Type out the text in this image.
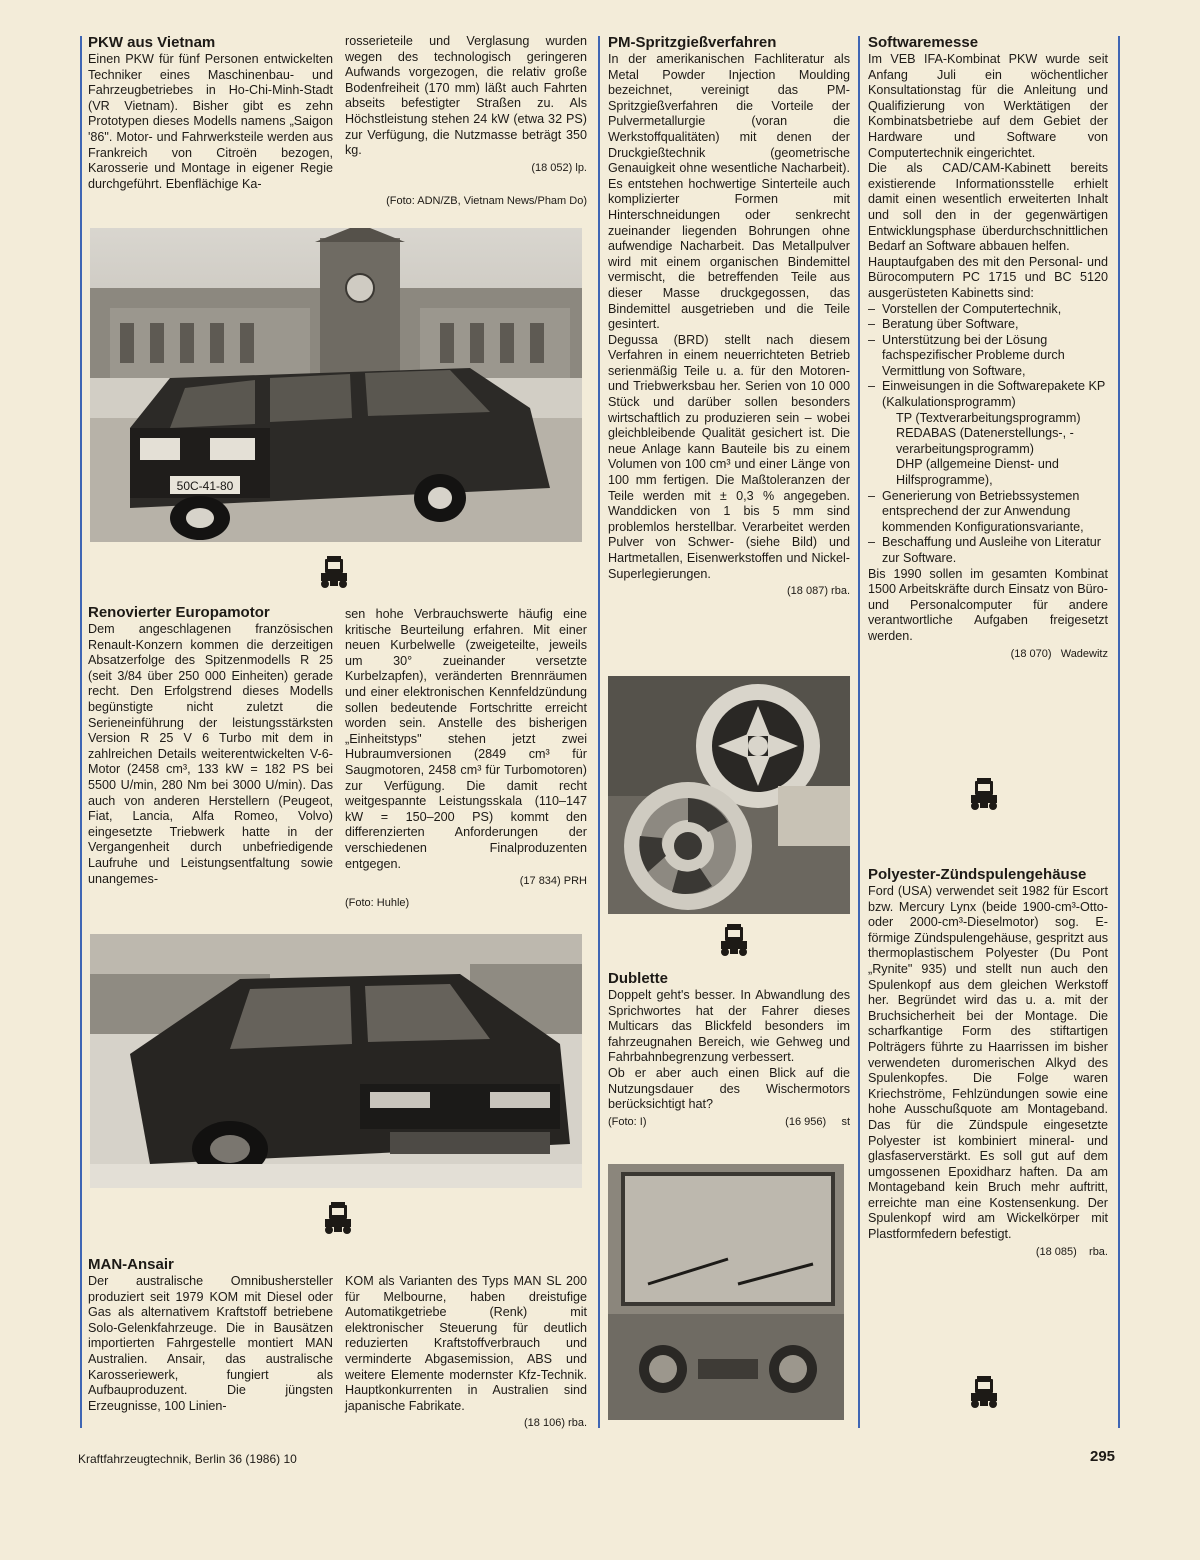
PKW aus Vietnam

Einen PKW für fünf Personen entwickelten Techniker eines Maschinenbau- und Fahrzeugbetriebes in Ho-Chi-Minh-Stadt (VR Vietnam). Bisher gibt es zehn Prototypen dieses Modells namens „Saigon '86". Motor- und Fahrwerksteile werden aus Frankreich von Citroën bezogen, Karosserie und Montage in eigener Regie durchgeführt. Ebenflächige Ka-

rosserieteile und Verglasung wurden wegen des technologisch geringeren Aufwands vorgezogen, die relativ große Bodenfreiheit (170 mm) läßt auch Fahrten abseits befestigter Straßen zu. Als Höchstleistung stehen 24 kW (etwa 32 PS) zur Verfügung, die Nutzmasse beträgt 350 kg.

(18 052) lp.

(Foto: ADN/ZB, Vietnam News/Pham Do)

50C-41-80
Renovierter Europamotor

Dem angeschlagenen französischen Renault-Konzern kommen die derzeitigen Absatzerfolge des Spitzenmodells R 25 (seit 3/84 über 250 000 Einheiten) gerade recht. Den Erfolgstrend dieses Modells begünstigte nicht zuletzt die Serieneinführung der leistungsstärksten Version R 25 V 6 Turbo mit dem in zahlreichen Details weiterentwickelten V-6-Motor (2458 cm³, 133 kW = 182 PS bei 5500 U/min, 280 Nm bei 3000 U/min). Das auch von anderen Herstellern (Peugeot, Fiat, Lancia, Alfa Romeo, Volvo) eingesetzte Triebwerk hatte in der Vergangenheit durch unbefriedigende Laufruhe und Leistungsentfaltung sowie unangemes-

sen hohe Verbrauchswerte häufig eine kritische Beurteilung erfahren. Mit einer neuen Kurbelwelle (zweigeteilte, jeweils um 30° zueinander versetzte Kurbelzapfen), veränderten Brennräumen und einer elektronischen Kennfeldzündung sollen bedeutende Fortschritte erreicht worden sein. Anstelle des bisherigen „Einheitstyps" stehen jetzt zwei Hubraumversionen (2849 cm³ für Saugmotoren, 2458 cm³ für Turbomotoren) zur Verfügung. Die damit recht weitgespannte Leistungsskala (110–147 kW = 150–200 PS) kommt den differenzierten Anforderungen der verschiedenen Finalproduzenten entgegen.

(17 834) PRH

(Foto: Huhle)

MAN-Ansair

Der australische Omnibushersteller produziert seit 1979 KOM mit Diesel oder Gas als alternativem Kraftstoff betriebene Solo-Gelenkfahrzeuge. Die in Bausätzen importierten Fahrgestelle montiert MAN Australien. Ansair, das australische Karosseriewerk, fungiert als Aufbauproduzent. Die jüngsten Erzeugnisse, 100 Linien-

KOM als Varianten des Typs MAN SL 200 für Melbourne, haben dreistufige Automatikgetriebe (Renk) mit elektronischer Steuerung für deutlich reduzierten Kraftstoffverbrauch und verminderte Abgasemission, ABS und weitere Elemente modernster Kfz-Technik. Hauptkonkurrenten in Australien sind japanische Fabrikate.

(18 106) rba.

PM-Spritzgießverfahren

In der amerikanischen Fachliteratur als Metal Powder Injection Moulding bezeichnet, vereinigt das PM-Spritzgießverfahren die Vorteile der Pulvermetallurgie (voran die Werkstoffqualitäten) mit denen der Druckgießtechnik (geometrische Genauigkeit ohne wesentliche Nacharbeit). Es entstehen hochwertige Sinterteile auch komplizierter Formen mit Hinterschneidungen oder senkrecht zueinander liegenden Bohrungen ohne aufwendige Nacharbeit. Das Metallpulver wird mit einem organischen Bindemittel vermischt, die betreffenden Teile aus dieser Masse druckgegossen, das Bindemittel ausgetrieben und die Teile gesintert.

Degussa (BRD) stellt nach diesem Verfahren in einem neuerrichteten Betrieb serienmäßig Teile u. a. für den Motoren- und Triebwerksbau her. Serien von 10 000 Stück und darüber sollen besonders wirtschaftlich zu produzieren sein – wobei gleichbleibende Qualität gesichert ist. Die neue Anlage kann Bauteile bis zu einem Volumen von 100 cm³ und einer Länge von 100 mm fertigen. Die Maßtoleranzen der Teile werden mit ± 0,3 % angegeben. Wanddicken von 1 bis 5 mm sind problemlos herstellbar. Verarbeitet werden Pulver von Schwer- (siehe Bild) und Hartmetallen, Eisenwerkstoffen und Nickel-Superlegierungen.

(18 087) rba.

Dublette

Doppelt geht's besser. In Abwandlung des Sprichwortes hat der Fahrer dieses Multicars das Blickfeld besonders im fahrzeugnahen Bereich, wie Gehweg und Fahrbahnbegrenzung verbessert.

Ob er aber auch einen Blick auf die Nutzungsdauer des Wischermotors berücksichtigt hat?

(Foto: I)	(16 956) st
Softwaremesse

Im VEB IFA-Kombinat PKW wurde seit Anfang Juli ein wöchentlicher Konsultationstag für die Anleitung und Qualifizierung von Werktätigen der Kombinatsbetriebe auf dem Gebiet der Hardware und Software von Computertechnik eingerichtet.

Die als CAD/CAM-Kabinett bereits existierende Informationsstelle erhielt damit einen wesentlich erweiterten Inhalt und soll den in der gegenwärtigen Entwicklungsphase überdurchschnittlichen Bedarf an Software abbauen helfen.

Hauptaufgaben des mit den Personal- und Bürocomputern PC 1715 und BC 5120 ausgerüsteten Kabinetts sind:

– Vorstellen der Computertechnik,
– Beratung über Software,
– Unterstützung bei der Lösung fachspezifischer Probleme durch Vermittlung von Software,
– Einweisungen in die Softwarepakete KP (Kalkulationsprogramm)
TP (Textverarbeitungsprogramm)
REDABAS (Datenerstellungs-, -verarbeitungsprogramm)
DHP (allgemeine Dienst- und Hilfsprogramme),
– Generierung von Betriebssystemen entsprechend der zur Anwendung kommenden Konfigurationsvariante,
– Beschaffung und Ausleihe von Literatur zur Software.

Bis 1990 sollen im gesamten Kombinat 1500 Arbeitskräfte durch Einsatz von Büro- und Personalcomputer für andere verantwortliche Aufgaben freigesetzt werden.

(18 070) Wadewitz

Polyester-Zündspulengehäuse

Ford (USA) verwendet seit 1982 für Escort bzw. Mercury Lynx (beide 1900-cm³-Otto- oder 2000-cm³-Dieselmotor) sog. E-förmige Zündspulengehäuse, gespritzt aus thermoplastischem Polyester (Du Pont „Rynite" 935) und stellt nun auch den Spulenkopf aus dem gleichen Werkstoff her. Begründet wird das u. a. mit der Bruchsicherheit bei der Montage. Die scharfkantige Form des stiftartigen Polträgers führte zu Haarrissen im bisher verwendeten duromerischen Alkyd des Spulenkopfes. Die Folge waren Kriechströme, Fehlzündungen sowie eine hohe Ausschußquote am Montageband. Das für die Zündspule eingesetzte Polyester ist kombiniert mineral- und glasfaserverstärkt. Es soll gut auf dem umgossenen Epoxidharz haften. Da am Montageband kein Bruch mehr auftritt, erreichte man eine Kostensenkung. Der Spulenkopf wird am Wickelkörper mit Plastformfedern befestigt.

(18 085) rba.

Kraftfahrzeugtechnik, Berlin 36 (1986) 10	295
